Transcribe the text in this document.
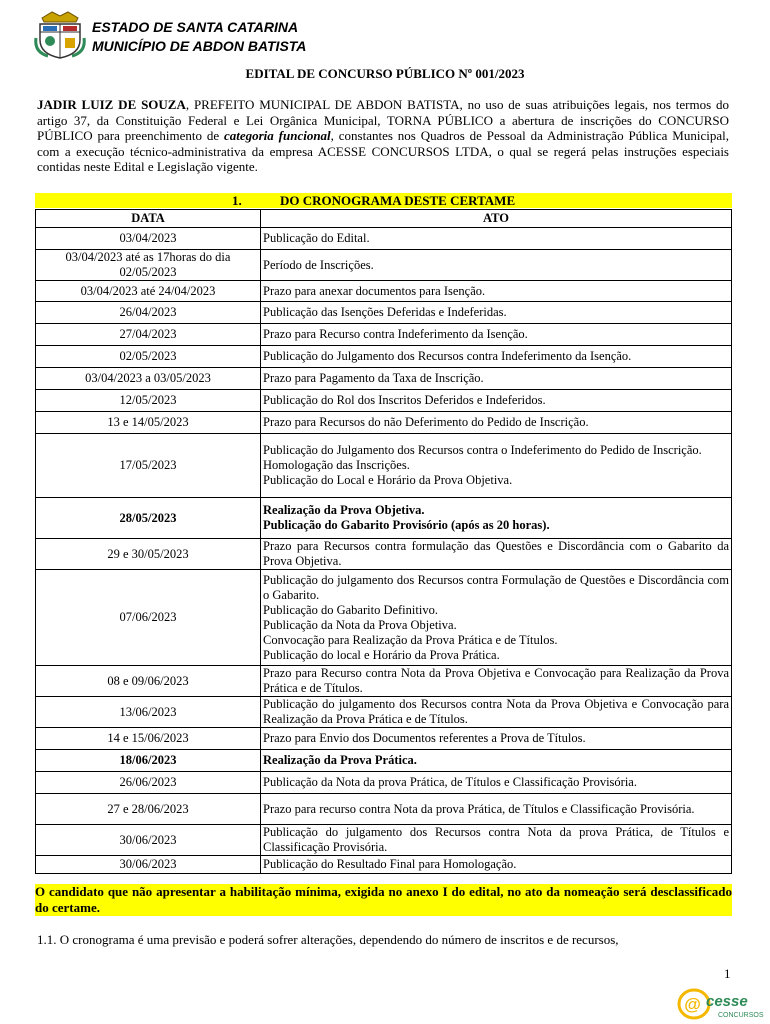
ESTADO DE SANTA CATARINA
MUNICÍPIO DE ABDON BATISTA
EDITAL DE CONCURSO PÚBLICO Nº 001/2023
JADIR LUIZ DE SOUZA, PREFEITO MUNICIPAL DE ABDON BATISTA, no uso de suas atribuições legais, nos termos do artigo 37, da Constituição Federal e Lei Orgânica Municipal, TORNA PÚBLICO a abertura de inscrições do CONCURSO PÚBLICO para preenchimento de categoria funcional, constantes nos Quadros de Pessoal da Administração Pública Municipal, com a execução técnico-administrativa da empresa ACESSE CONCURSOS LTDA, o qual se regerá pelas instruções especiais contidas neste Edital e Legislação vigente.
1.	DO CRONOGRAMA DESTE CERTAME
DATA	ATO
03/04/2023	Publicação do Edital.

03/04/2023 até as 17horas do dia 02/05/2023	Período de Inscrições.

03/04/2023 até 24/04/2023	Prazo para anexar documentos para Isenção.

26/04/2023	Publicação das Isenções Deferidas e Indeferidas.

27/04/2023	Prazo para Recurso contra Indeferimento da Isenção.

02/05/2023	Publicação do Julgamento dos Recursos contra Indeferimento da Isenção.

03/04/2023 a 03/05/2023	Prazo para Pagamento da Taxa de Inscrição.

12/05/2023	Publicação do Rol dos Inscritos Deferidos e Indeferidos.

13 e 14/05/2023	Prazo para Recursos do não Deferimento do Pedido de Inscrição.

17/05/2023	Publicação do Julgamento dos Recursos contra o Indeferimento do Pedido de Inscrição.
Homologação das Inscrições.
Publicação do Local e Horário da Prova Objetiva.

28/05/2023	Realização da Prova Objetiva.
Publicação do Gabarito Provisório (após as 20 horas).

29 e 30/05/2023	Prazo para Recursos contra formulação das Questões e Discordância com o Gabarito da Prova Objetiva.

07/06/2023	Publicação do julgamento dos Recursos contra Formulação de Questões e Discordância com o Gabarito.
Publicação do Gabarito Definitivo.
Publicação da Nota da Prova Objetiva.
Convocação para Realização da Prova Prática e de Títulos.
Publicação do local e Horário da Prova Prática.

08 e 09/06/2023	Prazo para Recurso contra Nota da Prova Objetiva e Convocação para Realização da Prova Prática e de Títulos.

13/06/2023	Publicação do julgamento dos Recursos contra Nota da Prova Objetiva e Convocação para Realização da Prova Prática e de Títulos.

14 e 15/06/2023	Prazo para Envio dos Documentos referentes a Prova de Títulos.

18/06/2023	Realização da Prova Prática.

26/06/2023	Publicação da Nota da prova Prática, de Títulos e Classificação Provisória.

27 e 28/06/2023	Prazo para recurso contra Nota da prova Prática, de Títulos e Classificação Provisória.

30/06/2023	Publicação do julgamento dos Recursos contra Nota da prova Prática, de Títulos e Classificação Provisória.

30/06/2023	Publicação do Resultado Final para Homologação.
O candidato que não apresentar a habilitação mínima, exigida no anexo I do edital, no ato da nomeação será desclassificado do certame.
1.1. O cronograma é uma previsão e poderá sofrer alterações, dependendo do número de inscritos e de recursos,
1
@ cesse
CONCURSOS
